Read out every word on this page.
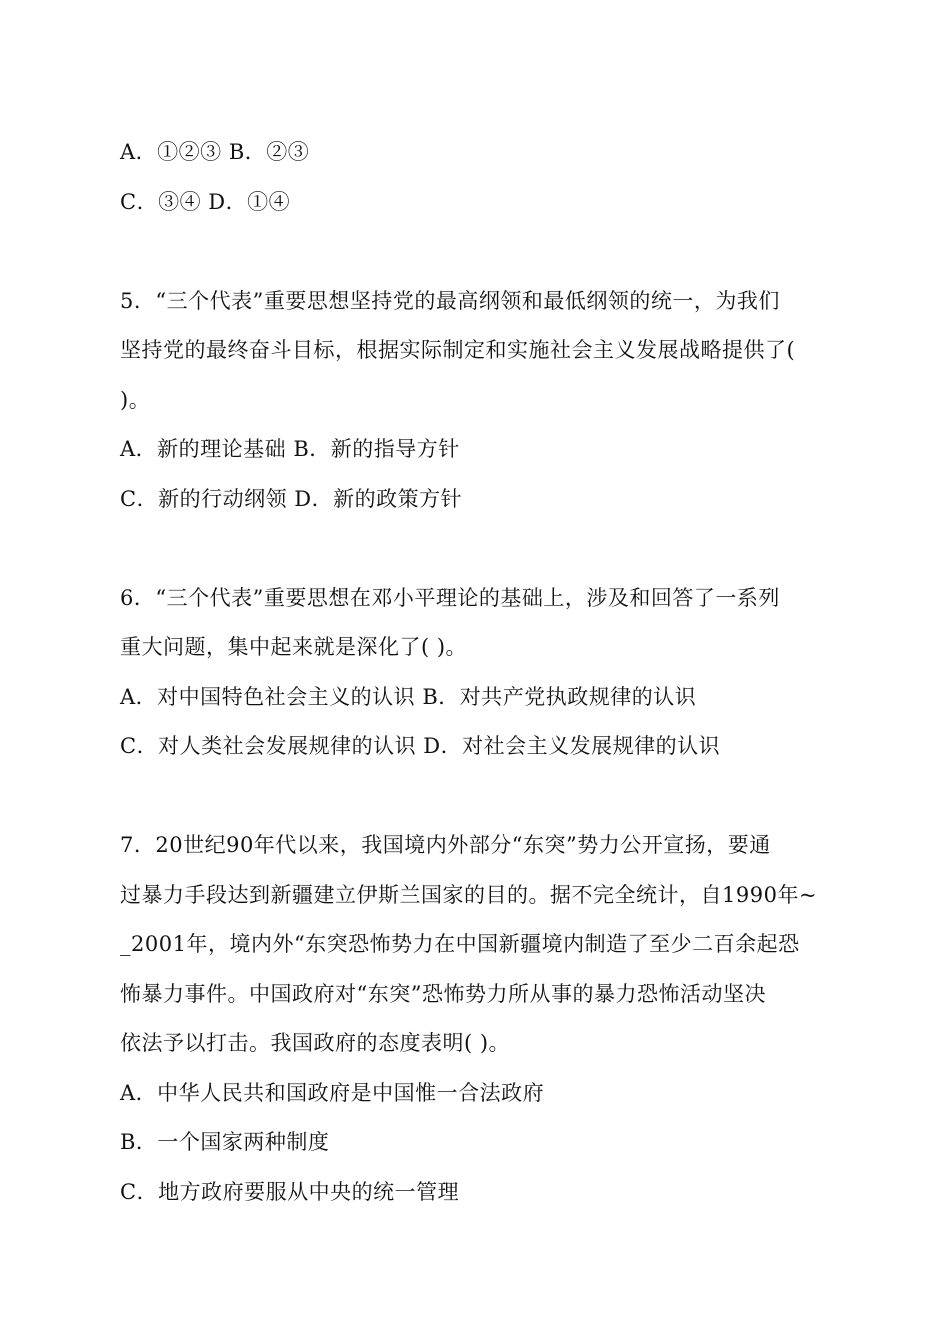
A．①②③ B．②③
C．③④ D．①④
5．“三个代表”重要思想坚持党的最高纲领和最低纲领的统一，为我们
坚持党的最终奋斗目标，根据实际制定和实施社会主义发展战略提供了(
)。
A．新的理论基础 B．新的指导方针
C．新的行动纲领 D．新的政策方针
6．“三个代表”重要思想在邓小平理论的基础上，涉及和回答了一系列
重大问题，集中起来就是深化了( )。
A．对中国特色社会主义的认识 B．对共产党执政规律的认识
C．对人类社会发展规律的认识 D．对社会主义发展规律的认识
7．20世纪90年代以来，我国境内外部分“东突”势力公开宣扬，要通
过暴力手段达到新疆建立伊斯兰国家的目的。据不完全统计，自1990年~
_2001年，境内外“东突恐怖势力在中国新疆境内制造了至少二百余起恐
怖暴力事件。中国政府对“东突”恐怖势力所从事的暴力恐怖活动坚决
依法予以打击。我国政府的态度表明( )。
A．中华人民共和国政府是中国惟一合法政府
B．一个国家两种制度
C．地方政府要服从中央的统一管理
